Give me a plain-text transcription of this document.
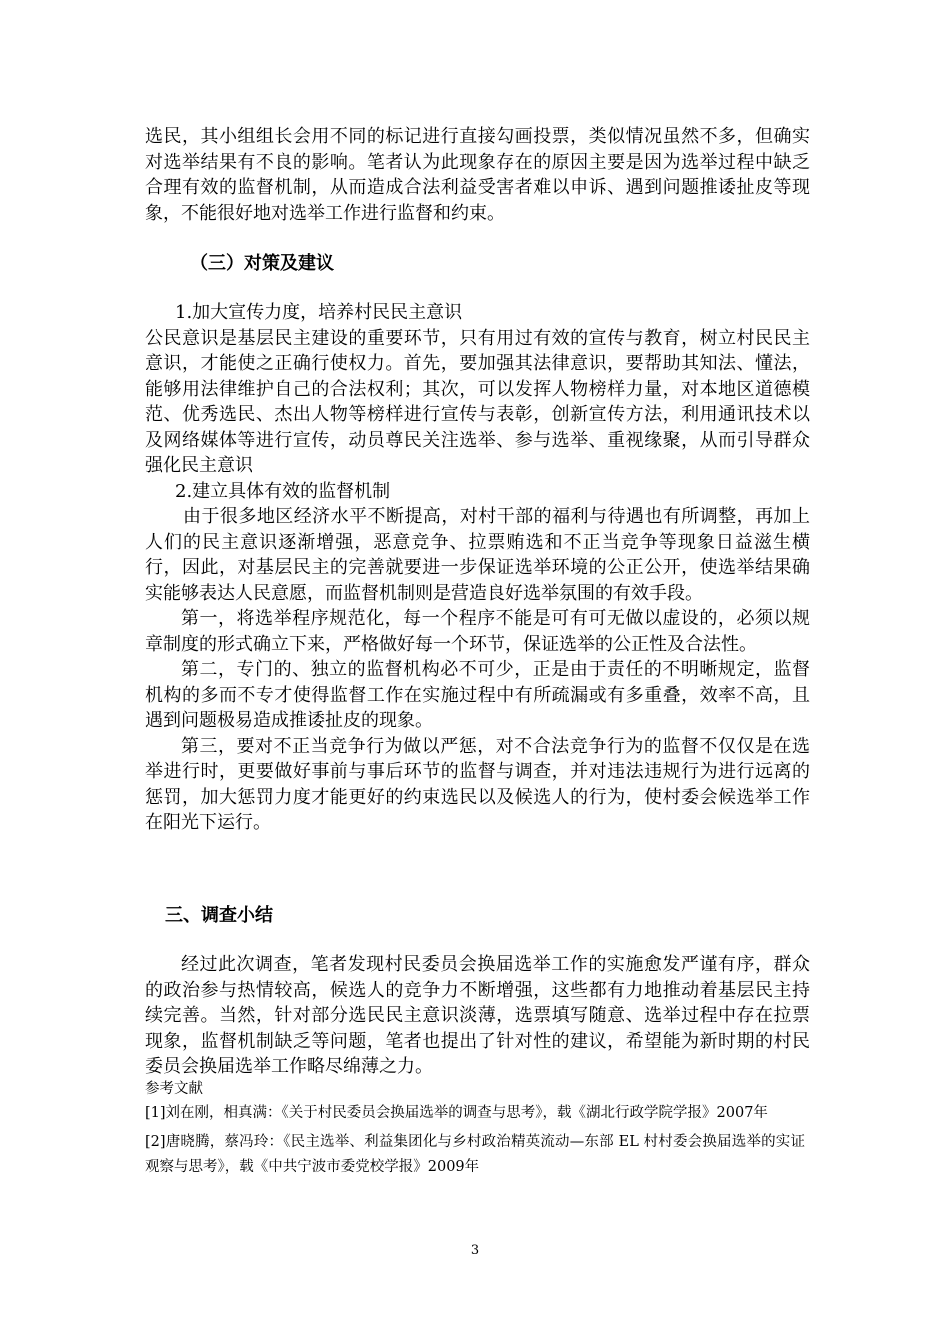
选民，其小组组长会用不同的标记进行直接勾画投票，类似情况虽然不多，但确实对选举结果有不良的影响。笔者认为此现象存在的原因主要是因为选举过程中缺乏合理有效的监督机制，从而造成合法利益受害者难以申诉、遇到问题推诿扯皮等现象，不能很好地对选举工作进行监督和约束。

（三）对策及建议

1.加大宣传力度，培养村民民主意识

公民意识是基层民主建设的重要环节，只有用过有效的宣传与教育，树立村民民主意识，才能使之正确行使权力。首先，要加强其法律意识，要帮助其知法、懂法，能够用法律维护自己的合法权利；其次，可以发挥人物榜样力量，对本地区道德模范、优秀选民、杰出人物等榜样进行宣传与表彰，创新宣传方法，利用通讯技术以及网络媒体等进行宣传，动员尊民关注选举、参与选举、重视缘聚，从而引导群众强化民主意识

2.建立具体有效的监督机制

由于很多地区经济水平不断提高，对村干部的福利与待遇也有所调整，再加上人们的民主意识逐渐增强，恶意竞争、拉票贿选和不正当竞争等现象日益滋生横行，因此，对基层民主的完善就要进一步保证选举环境的公正公开，使选举结果确实能够表达人民意愿，而监督机制则是营造良好选举氛围的有效手段。

第一，将选举程序规范化，每一个程序不能是可有可无做以虚设的，必须以规章制度的形式确立下来，严格做好每一个环节，保证选举的公正性及合法性。

第二，专门的、独立的监督机构必不可少，正是由于责任的不明晰规定，监督机构的多而不专才使得监督工作在实施过程中有所疏漏或有多重叠，效率不高，且遇到问题极易造成推诿扯皮的现象。

第三，要对不正当竞争行为做以严惩，对不合法竞争行为的监督不仅仅是在选举进行时，更要做好事前与事后环节的监督与调查，并对违法违规行为进行远离的惩罚，加大惩罚力度才能更好的约束选民以及候选人的行为，使村委会候选举工作在阳光下运行。

三、调查小结

经过此次调查，笔者发现村民委员会换届选举工作的实施愈发严谨有序，群众的政治参与热情较高，候选人的竞争力不断增强，这些都有力地推动着基层民主持续完善。当然，针对部分选民民主意识淡薄，选票填写随意、选举过程中存在拉票现象，监督机制缺乏等问题，笔者也提出了针对性的建议，希望能为新时期的村民委员会换届选举工作略尽绵薄之力。

参考文献

[1]刘在刚，相真满：《关于村民委员会换届选举的调查与思考》，载《湖北行政学院学报》2007年

[2]唐晓腾，蔡冯玲：《民主选举、利益集团化与乡村政治精英流动—东部 EL 村村委会换届选举的实证观察与思考》，载《中共宁波市委党校学报》2009年

3
